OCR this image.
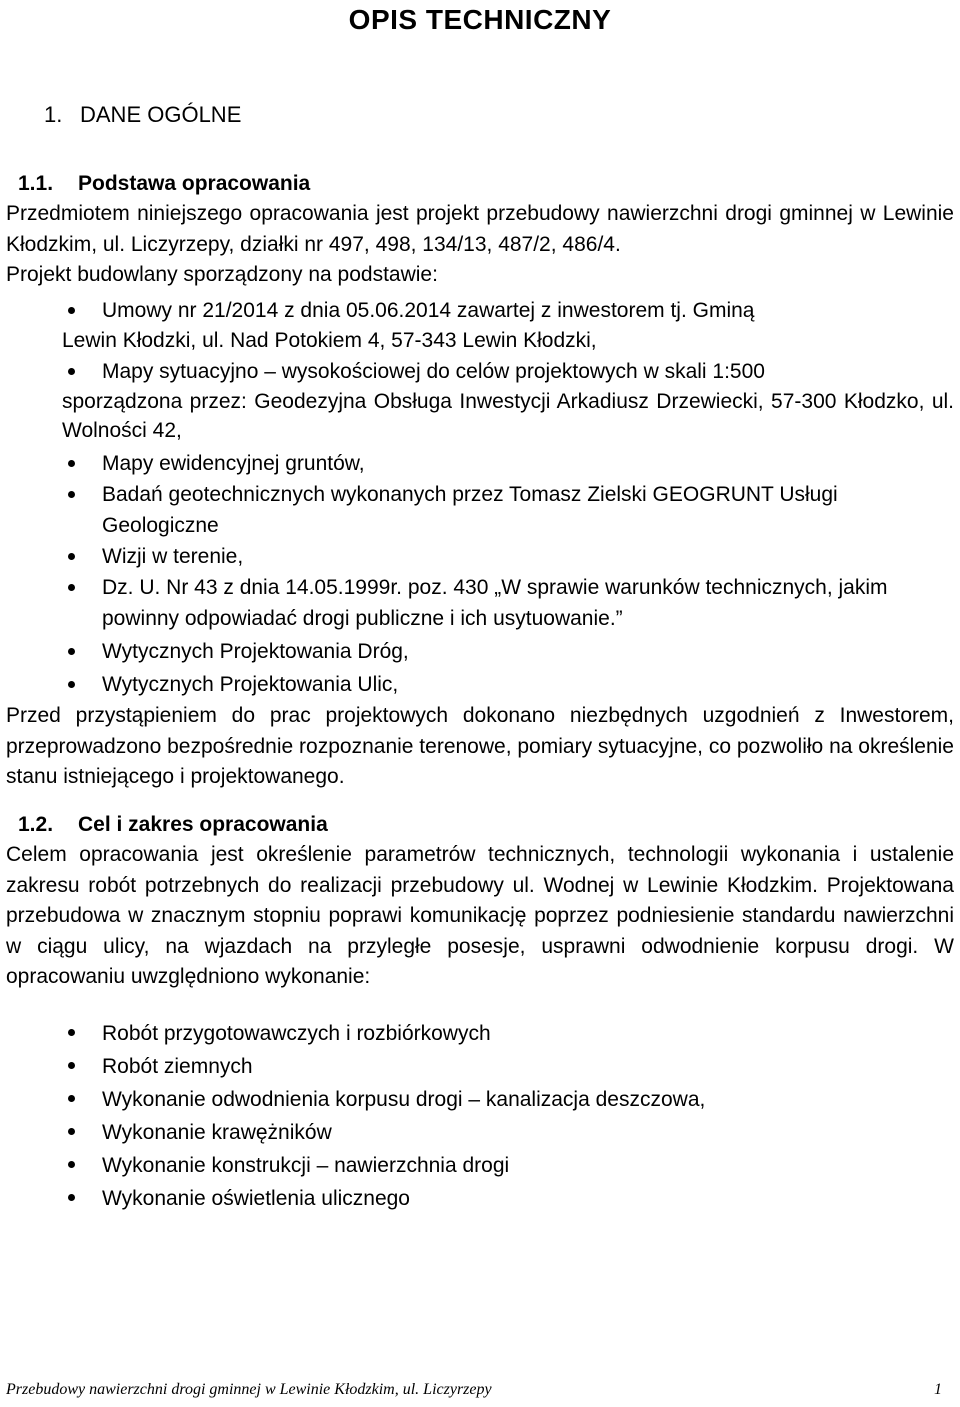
OPIS TECHNICZNY
1. DANE OGÓLNE
1.1. Podstawa opracowania
Przedmiotem niniejszego opracowania jest projekt przebudowy nawierzchni drogi gminnej w Lewinie Kłodzkim, ul. Liczyrzepy, działki nr 497, 498, 134/13, 487/2, 486/4.
Projekt budowlany sporządzony na podstawie:
Umowy nr 21/2014 z dnia 05.06.2014 zawartej z inwestorem tj. Gminą
Lewin Kłodzki, ul. Nad Potokiem 4, 57-343 Lewin Kłodzki,
Mapy sytuacyjno – wysokościowej do celów projektowych w skali 1:500
sporządzona przez: Geodezyjna Obsługa Inwestycji Arkadiusz Drzewiecki, 57-300 Kłodzko, ul. Wolności 42,
Mapy ewidencyjnej gruntów,
Badań geotechnicznych wykonanych przez Tomasz Zielski GEOGRUNT Usługi Geologiczne
Wizji w terenie,
Dz. U. Nr 43 z dnia 14.05.1999r. poz. 430 „W sprawie warunków technicznych, jakim powinny odpowiadać drogi publiczne i ich usytuowanie.”
Wytycznych Projektowania Dróg,
Wytycznych Projektowania Ulic,
Przed przystąpieniem do prac projektowych dokonano niezbędnych uzgodnień z Inwestorem, przeprowadzono bezpośrednie rozpoznanie terenowe, pomiary sytuacyjne, co pozwoliło na określenie stanu istniejącego i projektowanego.
1.2. Cel i zakres opracowania
Celem opracowania jest określenie parametrów technicznych, technologii wykonania i ustalenie zakresu robót potrzebnych do realizacji przebudowy ul. Wodnej w Lewinie Kłodzkim. Projektowana przebudowa w znacznym stopniu poprawi komunikację poprzez podniesienie standardu nawierzchni w ciągu ulicy, na wjazdach na przyległe posesje, usprawni odwodnienie korpusu drogi. W opracowaniu uwzględniono wykonanie:
Robót przygotowawczych i rozbiórkowych
Robót ziemnych
Wykonanie odwodnienia korpusu drogi – kanalizacja deszczowa,
Wykonanie krawężników
Wykonanie konstrukcji – nawierzchnia drogi
Wykonanie oświetlenia ulicznego
Przebudowy nawierzchni drogi gminnej w Lewinie Kłodzkim, ul. Liczyrzepy	1
